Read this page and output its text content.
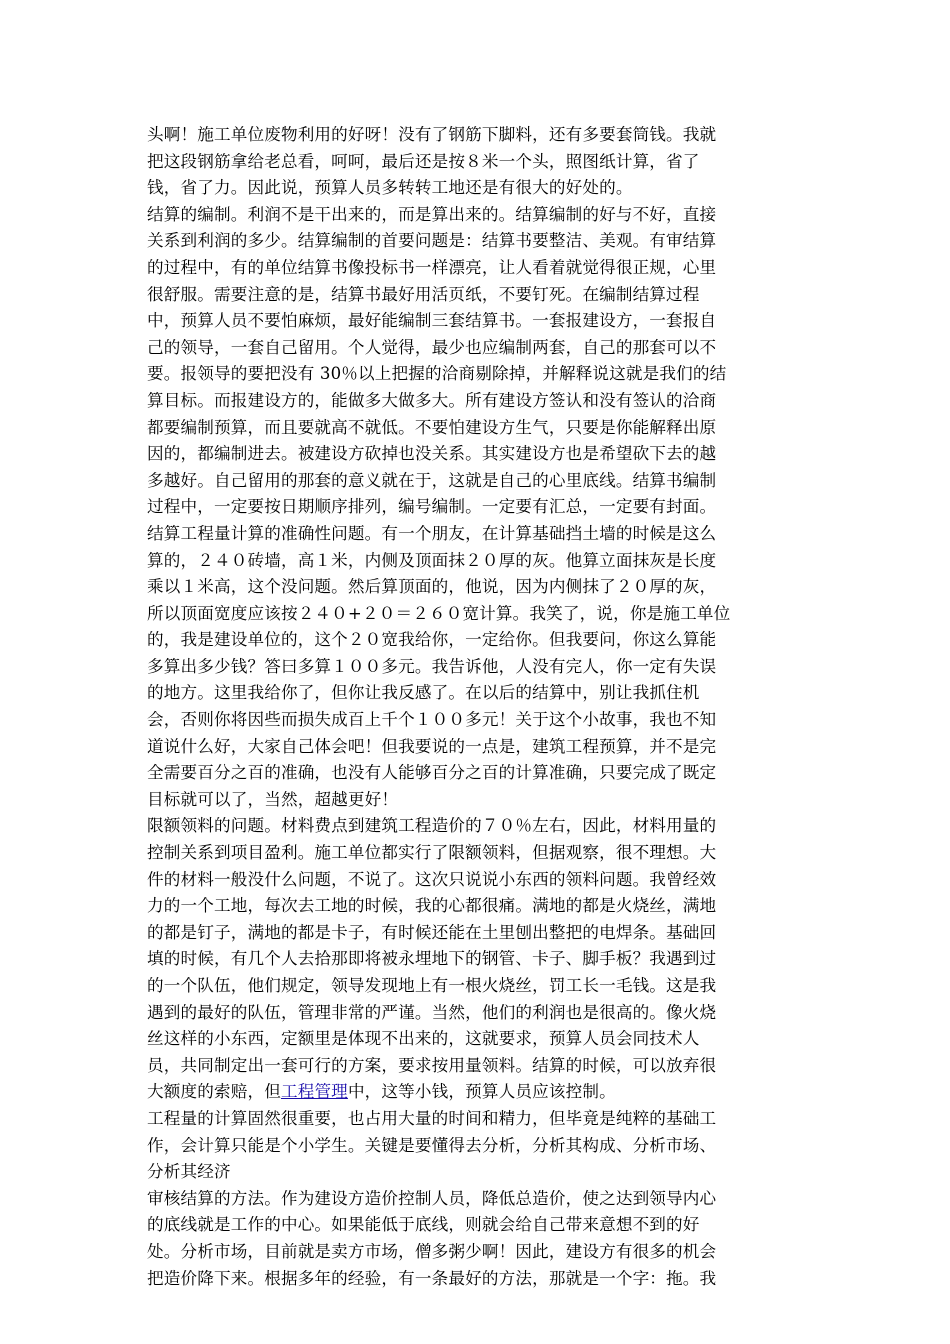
头啊！施工单位废物利用的好呀！没有了钢筋下脚料，还有多要套筒钱。我就
把这段钢筋拿给老总看，呵呵，最后还是按８米一个头，照图纸计算，省了
钱，省了力。因此说，预算人员多转转工地还是有很大的好处的。
结算的编制。利润不是干出来的，而是算出来的。结算编制的好与不好，直接
关系到利润的多少。结算编制的首要问题是：结算书要整洁、美观。有审结算
的过程中，有的单位结算书像投标书一样漂亮，让人看着就觉得很正规，心里
很舒服。需要注意的是，结算书最好用活页纸，不要钉死。在编制结算过程
中，预算人员不要怕麻烦，最好能编制三套结算书。一套报建设方，一套报自
己的领导，一套自己留用。个人觉得，最少也应编制两套，自己的那套可以不
要。报领导的要把没有 30％以上把握的洽商剔除掉，并解释说这就是我们的结
算目标。而报建设方的，能做多大做多大。所有建设方签认和没有签认的洽商
都要编制预算，而且要就高不就低。不要怕建设方生气，只要是你能解释出原
因的，都编制进去。被建设方砍掉也没关系。其实建设方也是希望砍下去的越
多越好。自己留用的那套的意义就在于，这就是自己的心里底线。结算书编制
过程中，一定要按日期顺序排列，编号编制。一定要有汇总，一定要有封面。
结算工程量计算的准确性问题。有一个朋友，在计算基础挡土墙的时候是这么
算的，２４０砖墙，高１米，内侧及顶面抹２０厚的灰。他算立面抹灰是长度
乘以１米高，这个没问题。然后算顶面的，他说，因为内侧抹了２０厚的灰，
所以顶面宽度应该按２４０+２０＝２６０宽计算。我笑了，说，你是施工单位
的，我是建设单位的，这个２０宽我给你，一定给你。但我要问，你这么算能
多算出多少钱？答曰多算１００多元。我告诉他，人没有完人，你一定有失误
的地方。这里我给你了，但你让我反感了。在以后的结算中，别让我抓住机
会，否则你将因些而损失成百上千个１００多元！关于这个小故事，我也不知
道说什么好，大家自己体会吧！但我要说的一点是，建筑工程预算，并不是完
全需要百分之百的准确，也没有人能够百分之百的计算准确，只要完成了既定
目标就可以了，当然，超越更好！
限额领料的问题。材料费点到建筑工程造价的７０％左右，因此，材料用量的
控制关系到项目盈利。施工单位都实行了限额领料，但据观察，很不理想。大
件的材料一般没什么问题，不说了。这次只说说小东西的领料问题。我曾经效
力的一个工地，每次去工地的时候，我的心都很痛。满地的都是火烧丝，满地
的都是钉子，满地的都是卡子，有时候还能在土里刨出整把的电焊条。基础回
填的时候，有几个人去拾那即将被永埋地下的钢管、卡子、脚手板？我遇到过
的一个队伍，他们规定，领导发现地上有一根火烧丝，罚工长一毛钱。这是我
遇到的最好的队伍，管理非常的严谨。当然，他们的利润也是很高的。像火烧
丝这样的小东西，定额里是体现不出来的，这就要求，预算人员会同技术人
员，共同制定出一套可行的方案，要求按用量领料。结算的时候，可以放弃很
大额度的索赔，但工程管理中，这等小钱，预算人员应该控制。
工程量的计算固然很重要，也占用大量的时间和精力，但毕竟是纯粹的基础工
作，会计算只能是个小学生。关键是要懂得去分析，分析其构成、分析市场、
分析其经济
审核结算的方法。作为建设方造价控制人员，降低总造价，使之达到领导内心
的底线就是工作的中心。如果能低于底线，则就会给自己带来意想不到的好
处。分析市场，目前就是卖方市场，僧多粥少啊！因此，建设方有很多的机会
把造价降下来。根据多年的经验，有一条最好的方法，那就是一个字：拖。我
